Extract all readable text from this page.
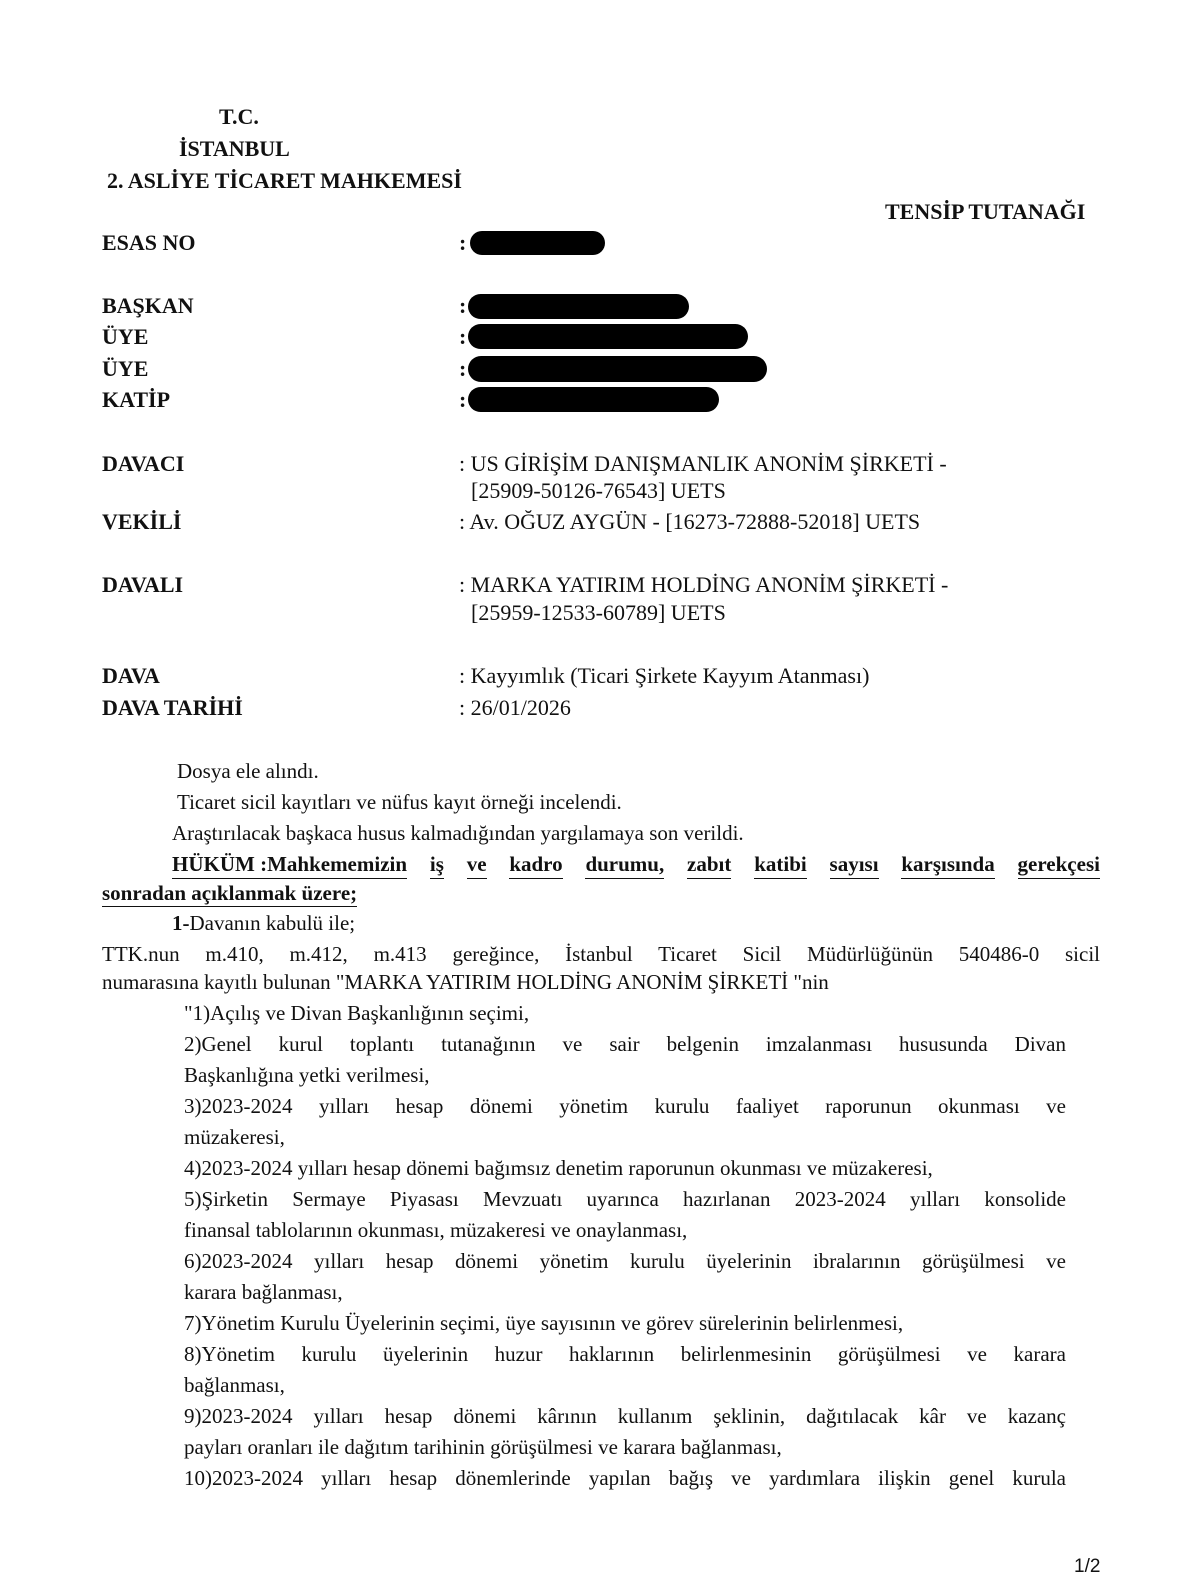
T.C.
İSTANBUL
2. ASLİYE TİCARET MAHKEMESİ
TENSİP TUTANAĞI
ESAS NO	:
BAŞKAN	:
ÜYE	:
ÜYE	:
KATİP	:
DAVACI	: US GİRİŞİM DANIŞMANLIK ANONİM ŞİRKETİ -
[25909-50126-76543] UETS
VEKİLİ	: Av. OĞUZ AYGÜN - [16273-72888-52018] UETS
DAVALI	: MARKA YATIRIM HOLDİNG ANONİM ŞİRKETİ -
[25959-12533-60789] UETS
DAVA	: Kayyımlık (Ticari Şirkete Kayyım Atanması)
DAVA TARİHİ	: 26/01/2026
Dosya ele alındı.
Ticaret sicil kayıtları ve nüfus kayıt örneği incelendi.
Araştırılacak başkaca husus kalmadığından yargılamaya son verildi.
HÜKÜM :Mahkememizin iş ve kadro durumu, zabıt katibi sayısı karşısında gerekçesi
sonradan açıklanmak üzere;
1-Davanın kabulü ile;
TTK.nun m.410, m.412, m.413 gereğince, İstanbul Ticaret Sicil Müdürlüğünün 540486-0 sicil
numarasına kayıtlı bulunan "MARKA YATIRIM HOLDİNG ANONİM ŞİRKETİ "nin
"1)Açılış ve Divan Başkanlığının seçimi,
2)Genel kurul toplantı tutanağının ve sair belgenin imzalanması hususunda Divan
Başkanlığına yetki verilmesi,
3)2023-2024 yılları hesap dönemi yönetim kurulu faaliyet raporunun okunması ve
müzakeresi,
4)2023-2024 yılları hesap dönemi bağımsız denetim raporunun okunması ve müzakeresi,
5)Şirketin Sermaye Piyasası Mevzuatı uyarınca hazırlanan 2023-2024 yılları konsolide
finansal tablolarının okunması, müzakeresi ve onaylanması,
6)2023-2024 yılları hesap dönemi yönetim kurulu üyelerinin ibralarının görüşülmesi ve
karara bağlanması,
7)Yönetim Kurulu Üyelerinin seçimi, üye sayısının ve görev sürelerinin belirlenmesi,
8)Yönetim kurulu üyelerinin huzur haklarının belirlenmesinin görüşülmesi ve karara
bağlanması,
9)2023-2024 yılları hesap dönemi kârının kullanım şeklinin, dağıtılacak kâr ve kazanç
payları oranları ile dağıtım tarihinin görüşülmesi ve karara bağlanması,
10)2023-2024 yılları hesap dönemlerinde yapılan bağış ve yardımlara ilişkin genel kurula
1/2
